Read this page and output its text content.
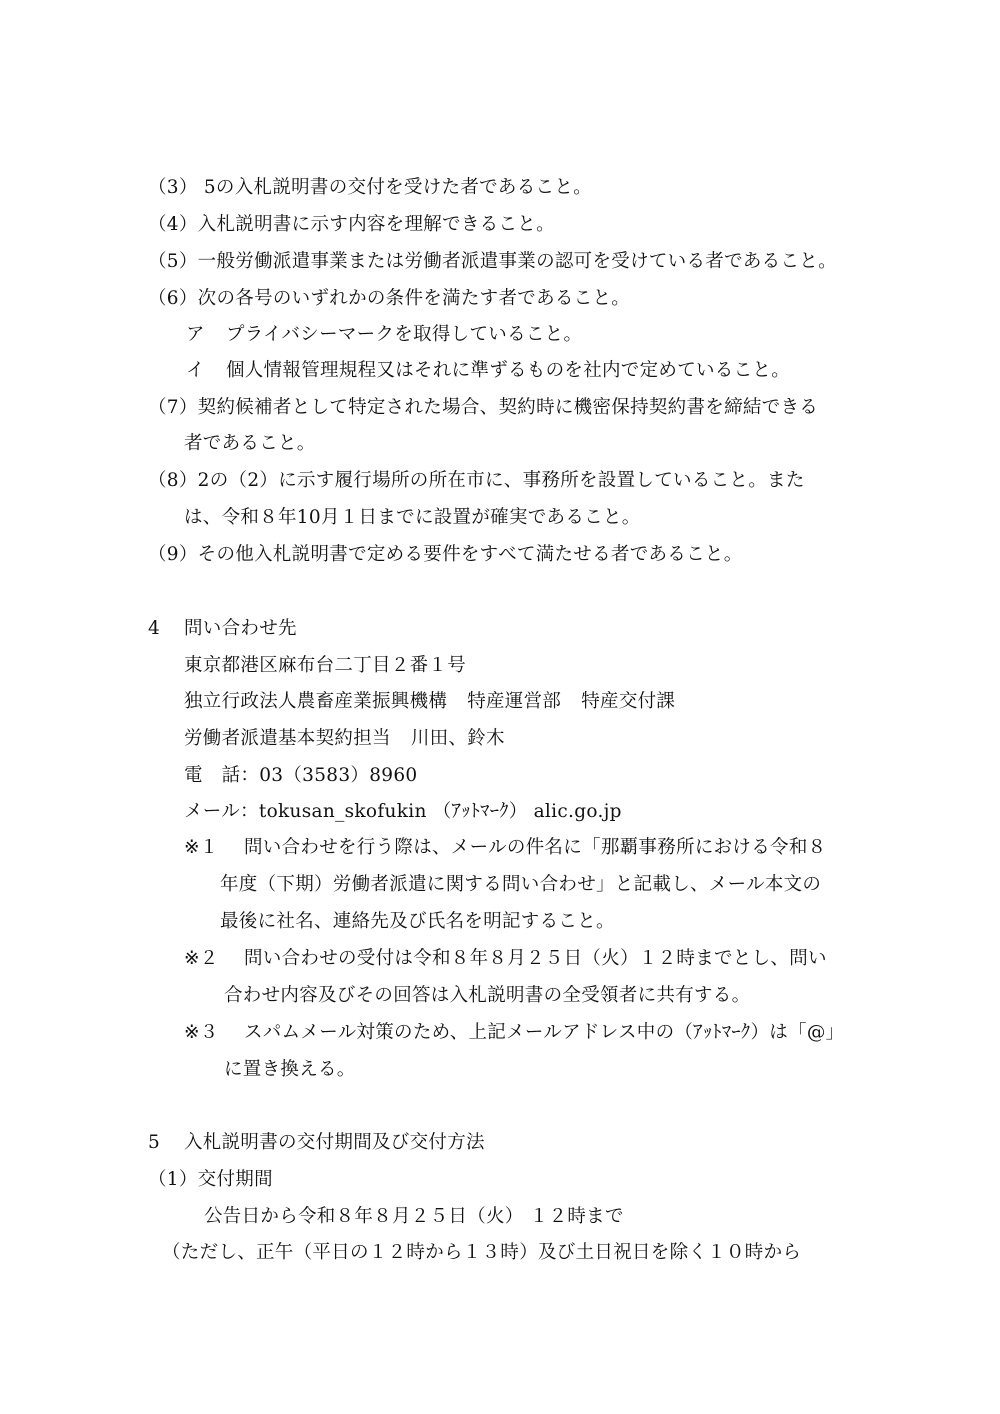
（3） 5の入札説明書の交付を受けた者であること。
（4）入札説明書に示す内容を理解できること。
（5）一般労働派遣事業または労働者派遣事業の認可を受けている者であること。
（6）次の各号のいずれかの条件を満たす者であること。
ア プライバシーマークを取得していること。
イ 個人情報管理規程又はそれに準ずるものを社内で定めていること。
（7）契約候補者として特定された場合、契約時に機密保持契約書を締結できる
者であること。
（8）2の（2）に示す履行場所の所在市に、事務所を設置していること。また
は、令和８年10月１日までに設置が確実であること。
（9）その他入札説明書で定める要件をすべて満たせる者であること。
4 問い合わせ先
東京都港区麻布台二丁目２番１号
独立行政法人農畜産業振興機構 特産運営部 特産交付課
労働者派遣基本契約担当 川田、鈴木
電　話：03（3583）8960
メール：tokusan_skofukin （ｱｯﾄﾏｰｸ） alic.go.jp
※１ 問い合わせを行う際は、メールの件名に「那覇事務所における令和８
年度（下期）労働者派遣に関する問い合わせ」と記載し、メール本文の
最後に社名、連絡先及び氏名を明記すること。
※２ 問い合わせの受付は令和８年８月２５日（火）１２時までとし、問い
合わせ内容及びその回答は入札説明書の全受領者に共有する。
※３ スパムメール対策のため、上記メールアドレス中の（ｱｯﾄﾏｰｸ）は「@」
に置き換える。
5 入札説明書の交付期間及び交付方法
（1）交付期間
公告日から令和８年８月２５日（火） １２時まで
（ただし、正午（平日の１２時から１３時）及び土日祝日を除く１０時から
